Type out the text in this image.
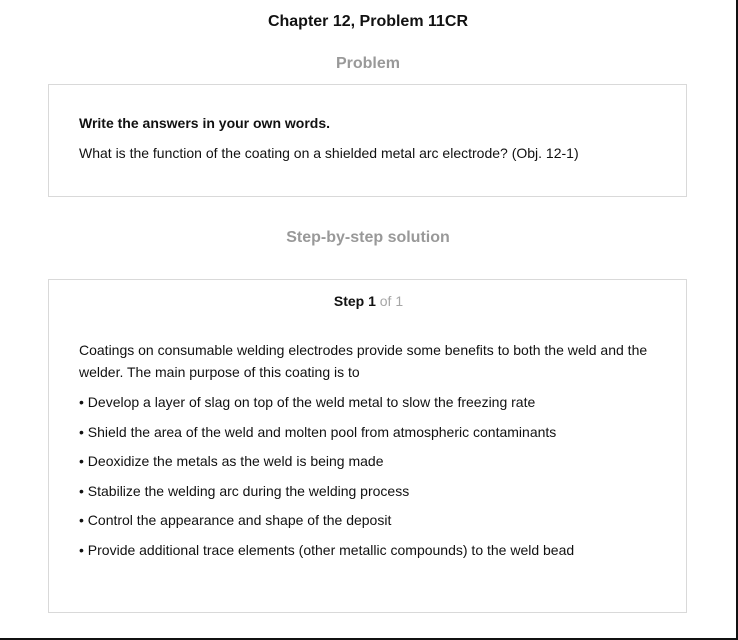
Chapter 12, Problem 11CR
Problem
Write the answers in your own words.
What is the function of the coating on a shielded metal arc electrode? (Obj. 12-1)
Step-by-step solution
Step 1 of 1

Coatings on consumable welding electrodes provide some benefits to both the weld and the welder. The main purpose of this coating is to

• Develop a layer of slag on top of the weld metal to slow the freezing rate
• Shield the area of the weld and molten pool from atmospheric contaminants
• Deoxidize the metals as the weld is being made
• Stabilize the welding arc during the welding process
• Control the appearance and shape of the deposit
• Provide additional trace elements (other metallic compounds) to the weld bead
